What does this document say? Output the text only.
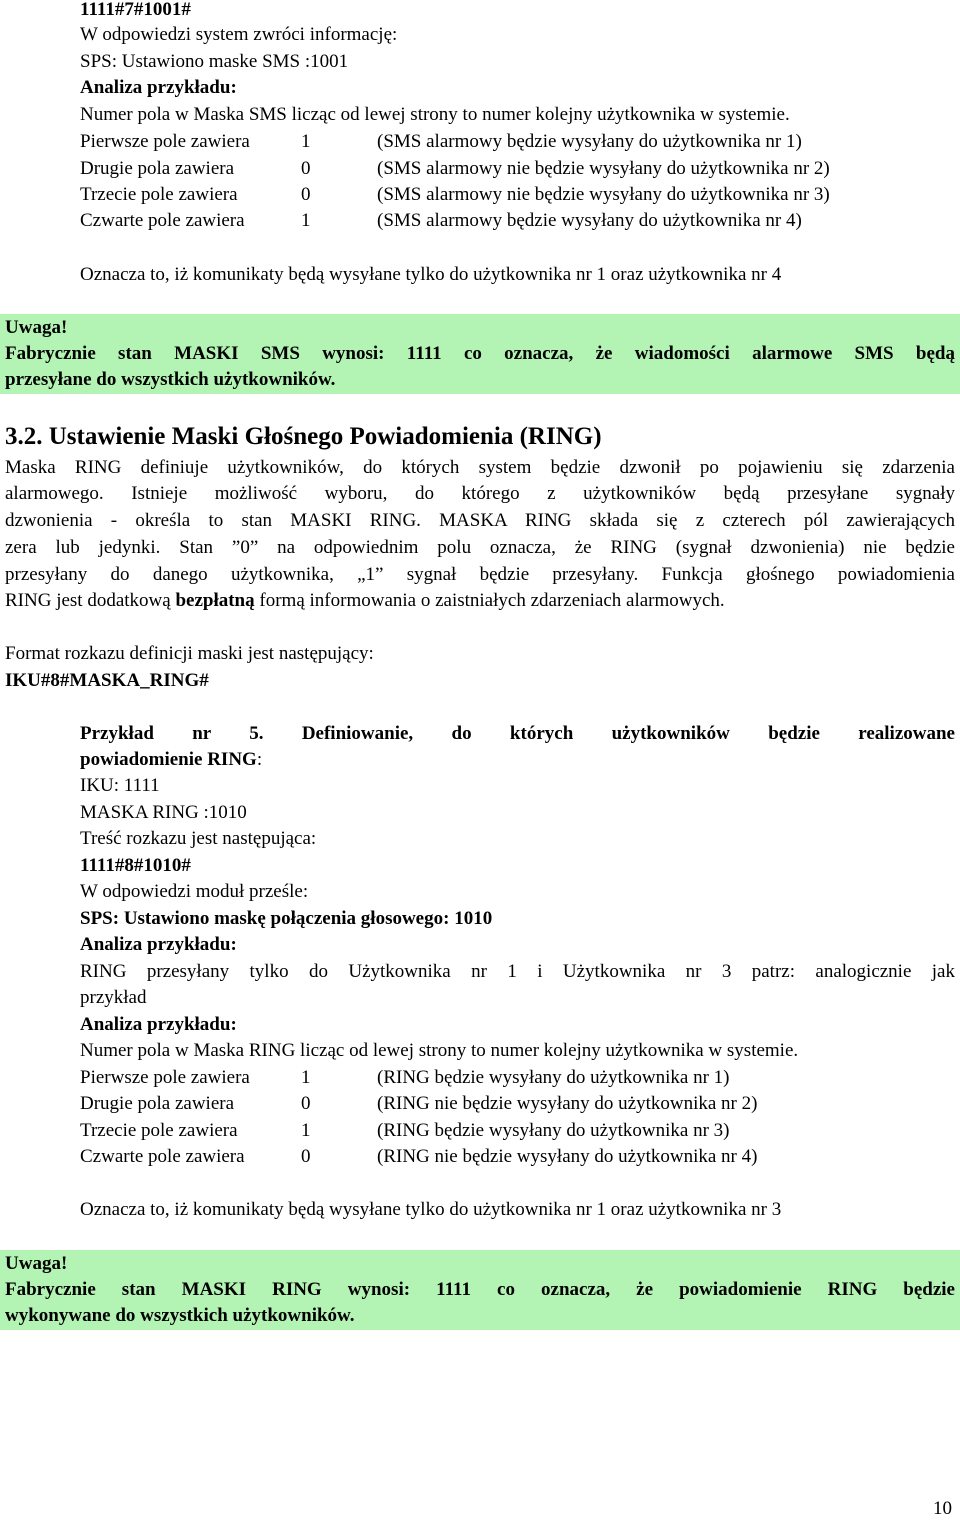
1111#7#1001#
W odpowiedzi system zwróci informację:
SPS: Ustawiono maske SMS :1001
Analiza przykładu:
Numer pola w Maska SMS licząc od lewej strony to numer kolejny użytkownika w systemie.
Pierwsze pole zawiera	1	(SMS alarmowy będzie wysyłany do użytkownika nr 1)
Drugie pola zawiera	0	(SMS alarmowy nie będzie wysyłany do użytkownika nr 2)
Trzecie pole zawiera	0	(SMS alarmowy nie będzie wysyłany do użytkownika nr 3)
Czwarte pole zawiera	1	(SMS alarmowy będzie wysyłany do użytkownika nr 4)
Oznacza to, iż komunikaty będą wysyłane tylko do użytkownika nr 1 oraz użytkownika nr 4
Uwaga!
Fabrycznie stan MASKI SMS wynosi: 1111 co oznacza, że wiadomości alarmowe SMS będą
przesyłane do wszystkich użytkowników.
3.2. Ustawienie Maski Głośnego Powiadomienia (RING)
Maska RING definiuje użytkowników, do których system będzie dzwonił po pojawieniu się zdarzenia
alarmowego. Istnieje możliwość wyboru, do którego z użytkowników będą przesyłane sygnały
dzwonienia - określa to stan MASKI RING. MASKA RING składa się z czterech pól zawierających
zera lub jedynki. Stan ”0” na odpowiednim polu oznacza, że RING (sygnał dzwonienia) nie będzie
przesyłany do danego użytkownika, „1” sygnał będzie przesyłany. Funkcja głośnego powiadomienia
RING jest dodatkową bezpłatną formą informowania o zaistniałych zdarzeniach alarmowych.
Format rozkazu definicji maski jest następujący:
IKU#8#MASKA_RING#
Przykład nr 5. Definiowanie, do których użytkowników będzie realizowane
powiadomienie RING:
IKU: 1111
MASKA RING :1010
Treść rozkazu jest następująca:
1111#8#1010#
W odpowiedzi moduł prześle:
SPS: Ustawiono maskę połączenia głosowego: 1010
Analiza przykładu:
RING przesyłany tylko do Użytkownika nr 1 i Użytkownika nr 3 patrz: analogicznie jak
przykład
Analiza przykładu:
Numer pola w Maska RING licząc od lewej strony to numer kolejny użytkownika w systemie.
Pierwsze pole zawiera	1	(RING będzie wysyłany do użytkownika nr 1)
Drugie pola zawiera	0	(RING nie będzie wysyłany do użytkownika nr 2)
Trzecie pole zawiera	1	(RING będzie wysyłany do użytkownika nr 3)
Czwarte pole zawiera	0	(RING nie będzie wysyłany do użytkownika nr 4)
Oznacza to, iż komunikaty będą wysyłane tylko do użytkownika nr 1 oraz użytkownika nr 3
Uwaga!
Fabrycznie stan MASKI RING wynosi: 1111 co oznacza, że powiadomienie RING będzie
wykonywane do wszystkich użytkowników.
10
